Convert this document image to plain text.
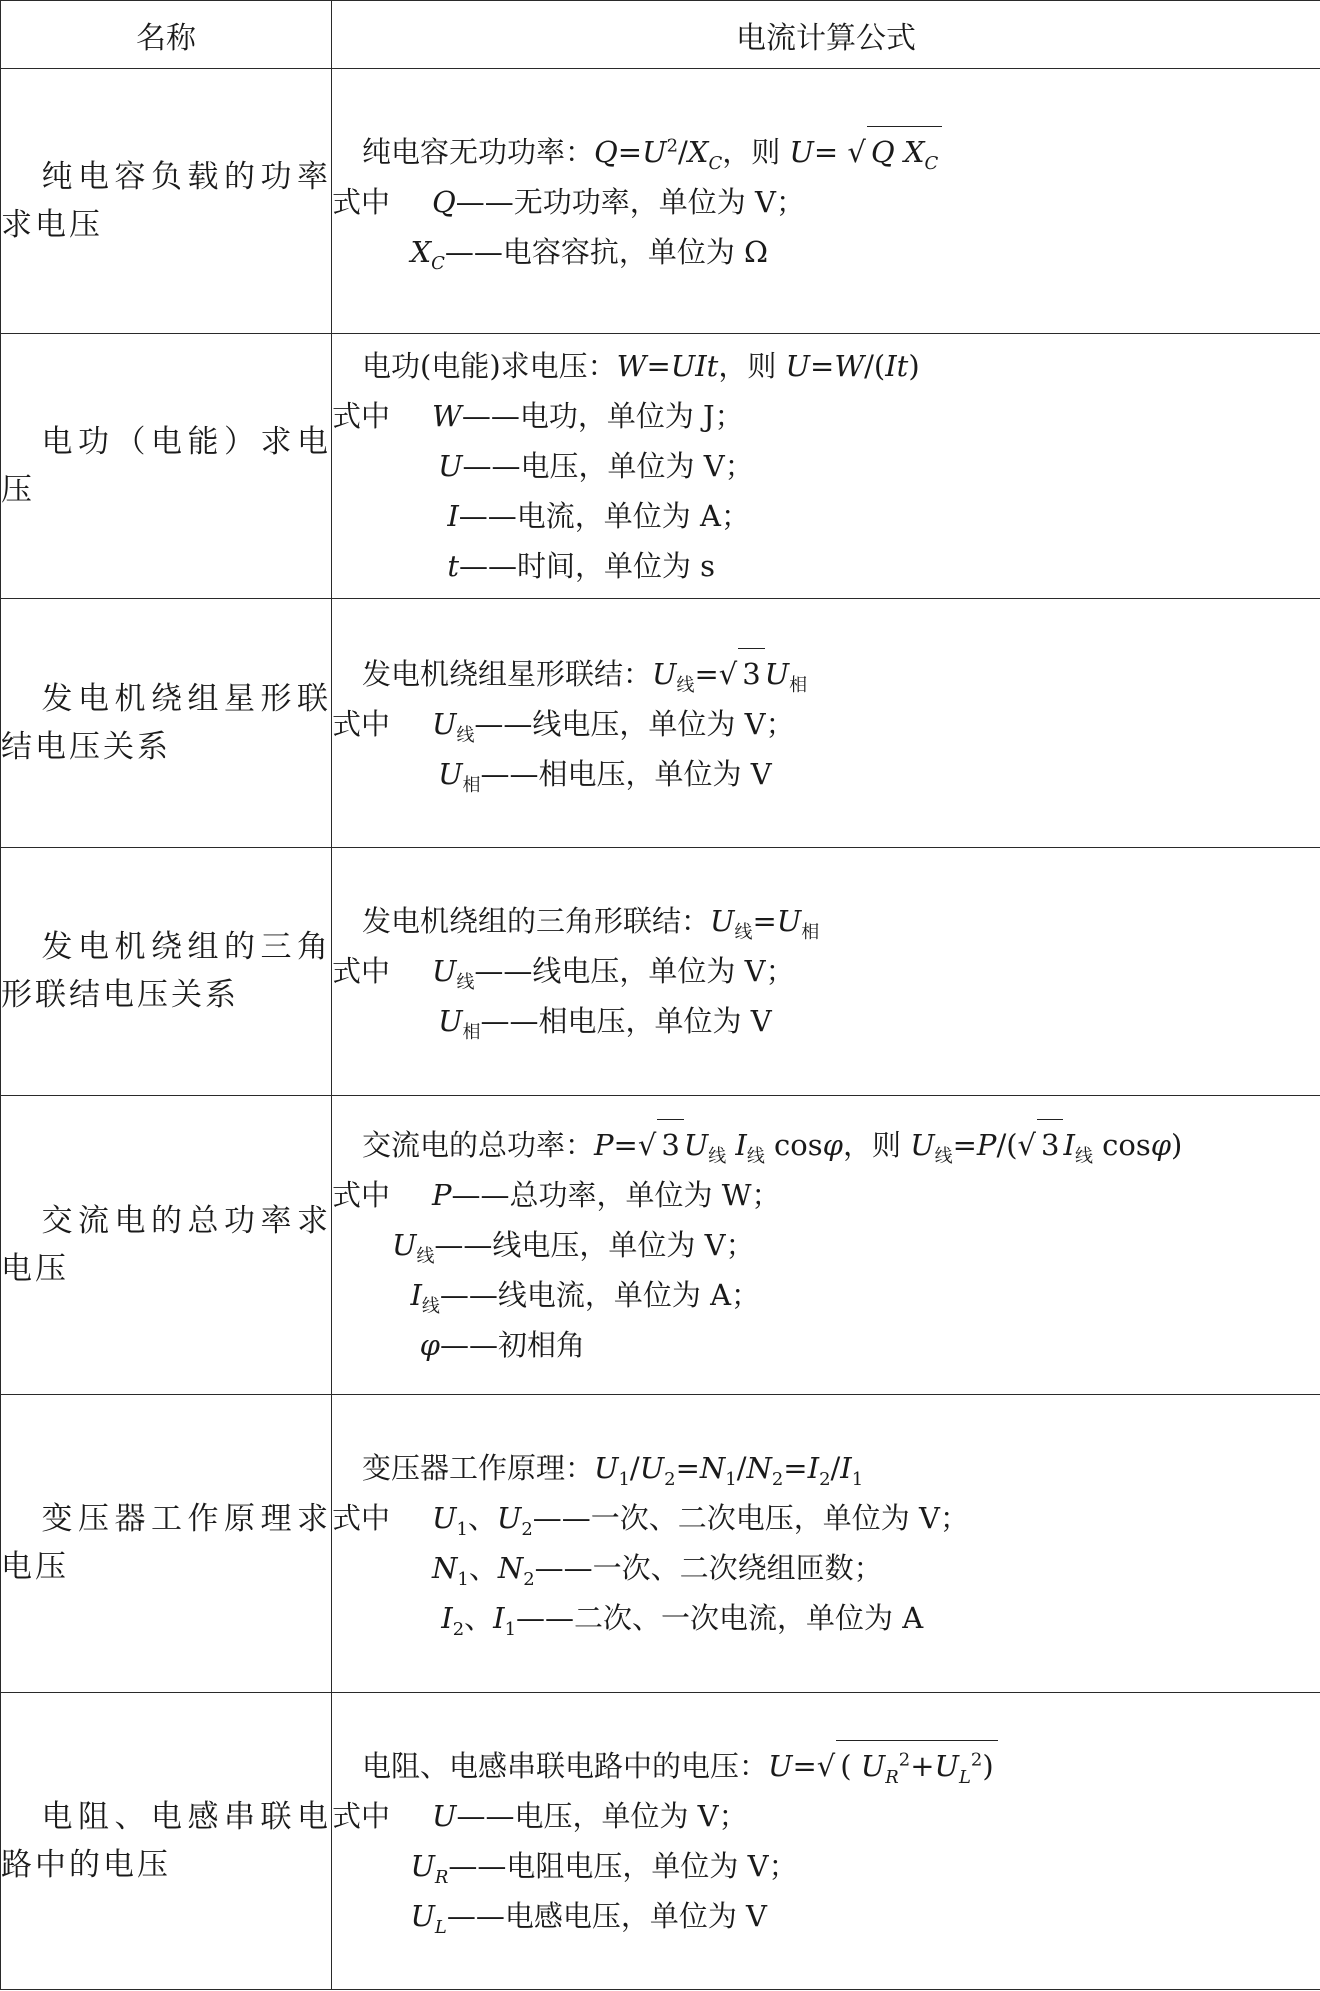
名称	电流计算公式
纯电容负载的功率求电压	纯电容无功功率：$Q=U^2/X_C$，则 U= √ Q $X_C$
式中 Q——无功功率，单位为 V；
$X_C——$电容容抗，单位为 Ω

电功（电能）求电压	电功(电能)求电压：W=UIt，则 U=W/(It)
式中 W——电功，单位为 J；
U——电压，单位为 V；
I——电流，单位为 A；
t——时间，单位为 s

发电机绕组星形联结电压关系	发电机绕组星形联结：$U_线=√$ 3 $U_相$
式中 $U_线——$线电压，单位为 V；
$U_相——$相电压，单位为 V

发电机绕组的三角形联结电压关系	发电机绕组的三角形联结：$U_线=U_相$
式中 $U_线——$线电压，单位为 V；
$U_相——$相电压，单位为 V

交流电的总功率求电压	交流电的总功率：P=√ 3 $U_线$ $I_线$ cosφ，则 $U_线=P/(√$ 3 $I_线$ cosφ)
式中 P——总功率，单位为 W；
$U_线——$线电压，单位为 V；
$I_线——$线电流，单位为 A；
φ——初相角

变压器工作原理求电压	变压器工作原理：$U_1/U_2=N_1/N_2=I_2/I_1$
式中 $U_1$、$U_2——$一次、二次电压，单位为 V；
$N_1$、$N_2——$一次、二次绕组匝数；
$I_2$、$I_1——$二次、一次电流，单位为 A

电阻、电感串联电路中的电压	电阻、电感串联电路中的电压：U=√ ( $U_R^2+U_L^2$)
式中 U——电压，单位为 V；
$U_R——$电阻电压，单位为 V；
$U_L——$电感电压，单位为 V
